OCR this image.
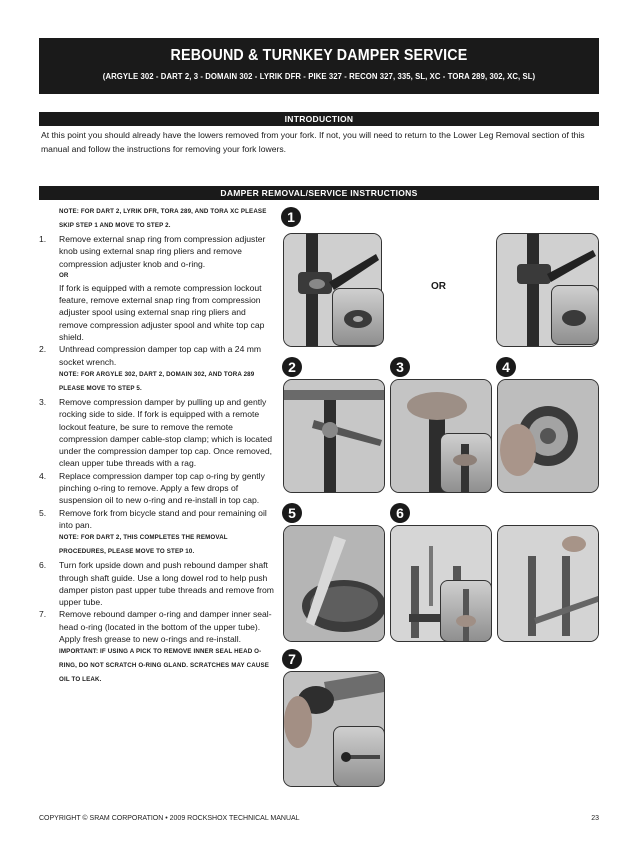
REBOUND & TURNKEY DAMPER SERVICE
(ARGYLE 302 - DART 2, 3 - DOMAIN 302 - LYRIK DFR - PIKE 327 - RECON 327, 335, SL, XC - TORA 289, 302, XC, SL)
INTRODUCTION
At this point you should already have the lowers removed from your fork. If not, you will need to return to the Lower Leg Removal section of this manual and follow the instructions for removing your fork lowers.
DAMPER REMOVAL/SERVICE INSTRUCTIONS
NOTE: FOR DART 2, LYRIK DFR, TORA 289, AND TORA XC PLEASE SKIP STEP 1 AND MOVE TO STEP 2.
1. Remove external snap ring from compression adjuster knob using external snap ring pliers and remove compression adjuster knob and o-ring.
OR
If fork is equipped with a remote compression lockout feature, remove external snap ring from compression adjuster spool using external snap ring pliers and remove compression adjuster spool and white top cap shield.
2. Unthread compression damper top cap with a 24 mm socket wrench.
NOTE: FOR ARGYLE 302, DART 2, DOMAIN 302, AND TORA 289 PLEASE MOVE TO STEP 5.
3. Remove compression damper by pulling up and gently rocking side to side. If fork is equipped with a remote lockout feature, be sure to remove the remote compression damper cable-stop clamp; which is located under the compression damper top cap. Once removed, clean upper tube threads with a rag.
4. Replace compression damper top cap o-ring by gently pinching o-ring to remove. Apply a few drops of suspension oil to new o-ring and re-install in top cap.
5. Remove fork from bicycle stand and pour remaining oil into pan.
NOTE: FOR DART 2, THIS COMPLETES THE REMOVAL PROCEDURES, PLEASE MOVE TO STEP 10.
6. Turn fork upside down and push rebound damper shaft through shaft guide. Use a long dowel rod to help push damper piston past upper tube threads and remove from upper tube.
7. Remove rebound damper o-ring and damper inner seal-head o-ring (located in the bottom of the upper tube). Apply fresh grease to new o-rings and re-install.
IMPORTANT: IF USING A PICK TO REMOVE INNER SEAL HEAD O-RING, DO NOT SCRATCH O-RING GLAND. SCRATCHES MAY CAUSE OIL TO LEAK.
1
OR
2	3	4
5	6
7
COPYRIGHT © SRAM CORPORATION • 2009 ROCKSHOX TECHNICAL MANUAL	23
